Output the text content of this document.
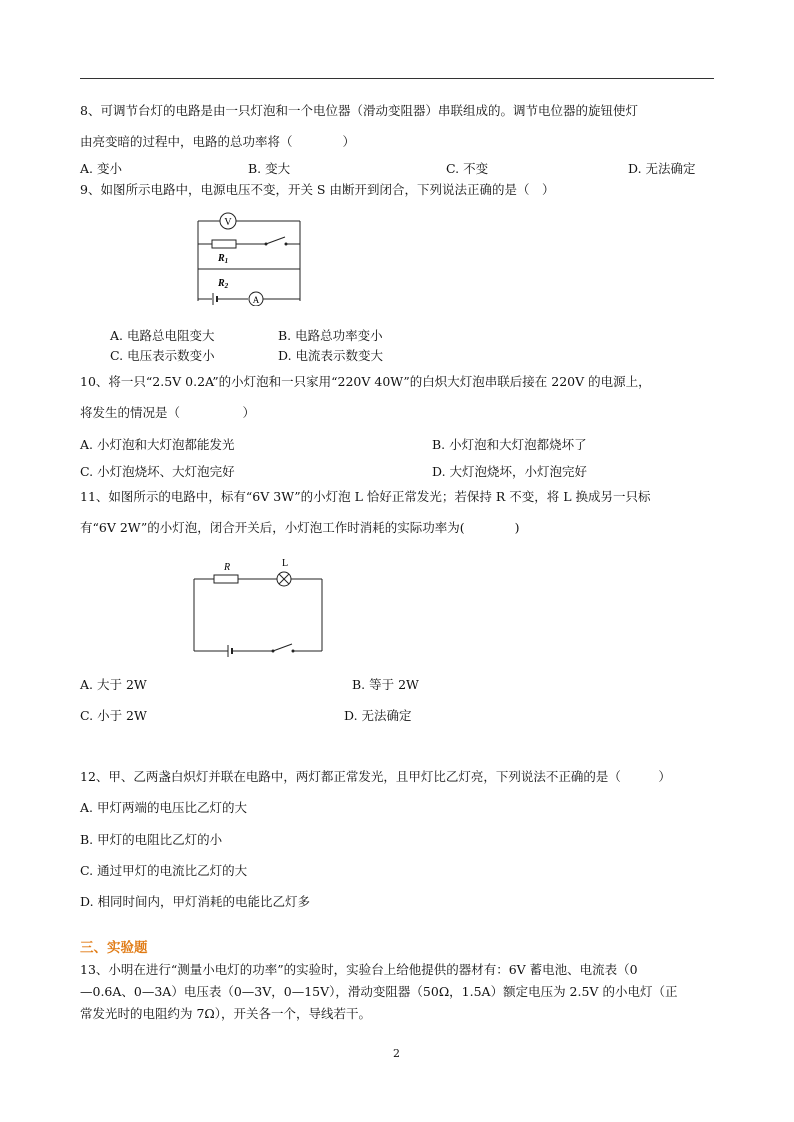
8、可调节台灯的电路是由一只灯泡和一个电位器（滑动变阻器）串联组成的。调节电位器的旋钮使灯
由亮变暗的过程中，电路的总功率将（　　　　）
A. 变小	B. 变大	C. 不变	D. 无法确定
9、如图所示电路中，电源电压不变，开关 S 由断开到闭合，下列说法正确的是（　）
V
$R_1$
$R_2$
A
A. 电路总电阻变大	B. 电路总功率变小
C. 电压表示数变小	D. 电流表示数变大
10、将一只“2.5V 0.2A”的小灯泡和一只家用“220V 40W”的白炽大灯泡串联后接在 220V 的电源上，
将发生的情况是（　　　　　）
A. 小灯泡和大灯泡都能发光	B. 小灯泡和大灯泡都烧坏了
C. 小灯泡烧坏、大灯泡完好	D. 大灯泡烧坏，小灯泡完好
11、如图所示的电路中，标有“6V 3W”的小灯泡 L 恰好正常发光；若保持 R 不变，将 L 换成另一只标
有“6V 2W”的小灯泡，闭合开关后，小灯泡工作时消耗的实际功率为(　　　　)
R	L
A. 大于 2W	B. 等于 2W
C. 小于 2W	D. 无法确定
12、甲、乙两盏白炽灯并联在电路中，两灯都正常发光，且甲灯比乙灯亮，下列说法不正确的是（　　　）
A. 甲灯两端的电压比乙灯的大
B. 甲灯的电阻比乙灯的小
C. 通过甲灯的电流比乙灯的大
D. 相同时间内，甲灯消耗的电能比乙灯多
三、实验题
13、小明在进行“测量小电灯的功率”的实验时，实验台上给他提供的器材有：6V 蓄电池、电流表（0
—0.6A、0—3A）电压表（0—3V，0—15V），滑动变阻器（50Ω，1.5A）额定电压为 2.5V 的小电灯（正
常发光时的电阻约为 7Ω），开关各一个，导线若干。
2
